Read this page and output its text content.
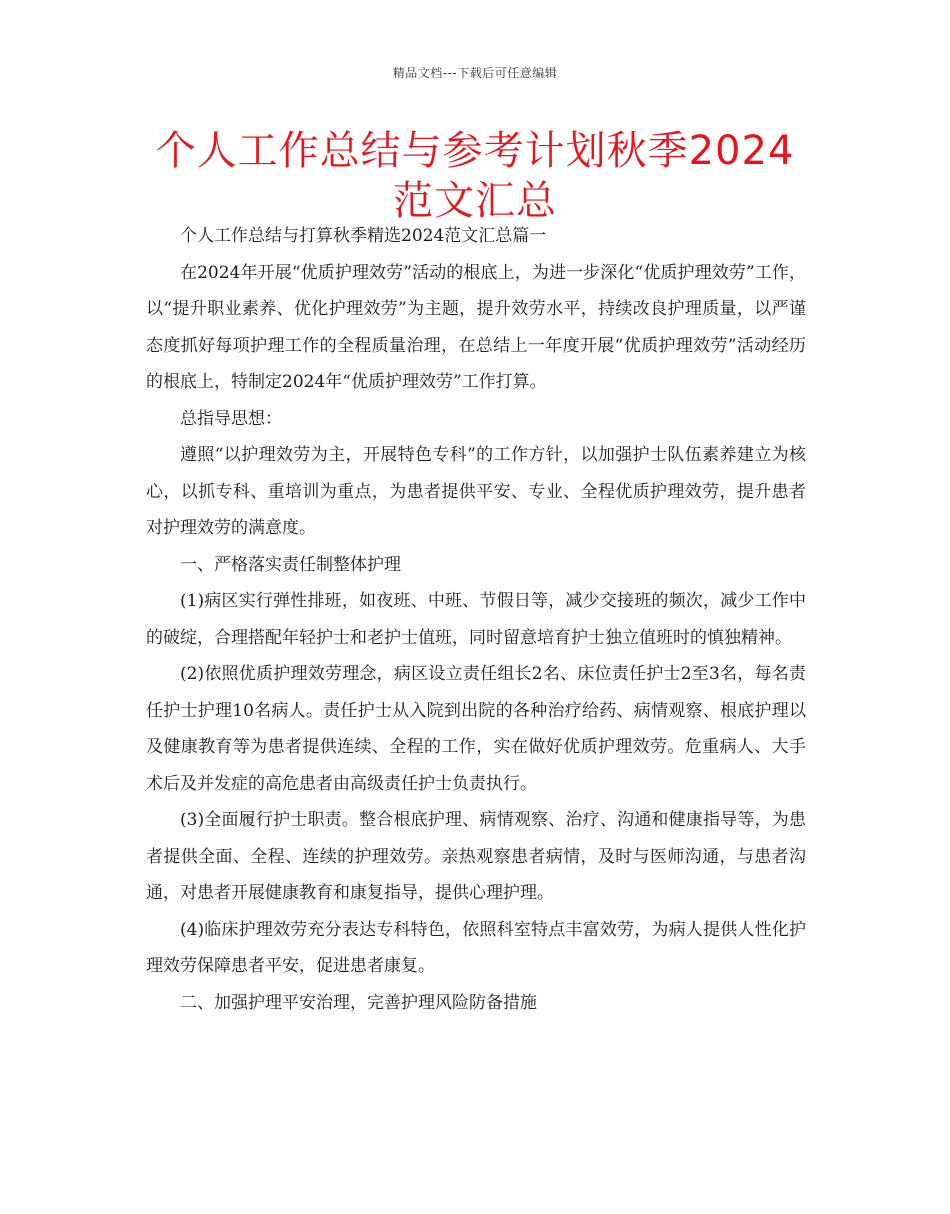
精品文档---下载后可任意编辑
个人工作总结与参考计划秋季2024范文汇总

个人工作总结与打算秋季精选2024范文汇总篇一

在2024年开展“优质护理效劳”活动的根底上，为进一步深化“优质护理效劳”工作，以“提升职业素养、优化护理效劳”为主题，提升效劳水平，持续改良护理质量，以严谨态度抓好每项护理工作的全程质量治理，在总结上一年度开展“优质护理效劳”活动经历的根底上，特制定2024年“优质护理效劳”工作打算。

总指导思想：

遵照“以护理效劳为主，开展特色专科”的工作方针，以加强护士队伍素养建立为核心，以抓专科、重培训为重点，为患者提供平安、专业、全程优质护理效劳，提升患者对护理效劳的满意度。

一、严格落实责任制整体护理

(1)病区实行弹性排班，如夜班、中班、节假日等，减少交接班的频次，减少工作中的破绽，合理搭配年轻护士和老护士值班，同时留意培育护士独立值班时的慎独精神。

(2)依照优质护理效劳理念，病区设立责任组长2名、床位责任护士2至3名，每名责任护士护理10名病人。责任护士从入院到出院的各种治疗给药、病情观察、根底护理以及健康教育等为患者提供连续、全程的工作，实在做好优质护理效劳。危重病人、大手术后及并发症的高危患者由高级责任护士负责执行。

(3)全面履行护士职责。整合根底护理、病情观察、治疗、沟通和健康指导等，为患者提供全面、全程、连续的护理效劳。亲热观察患者病情，及时与医师沟通，与患者沟通，对患者开展健康教育和康复指导，提供心理护理。

(4)临床护理效劳充分表达专科特色，依照科室特点丰富效劳，为病人提供人性化护理效劳保障患者平安，促进患者康复。

二、加强护理平安治理，完善护理风险防备措施
